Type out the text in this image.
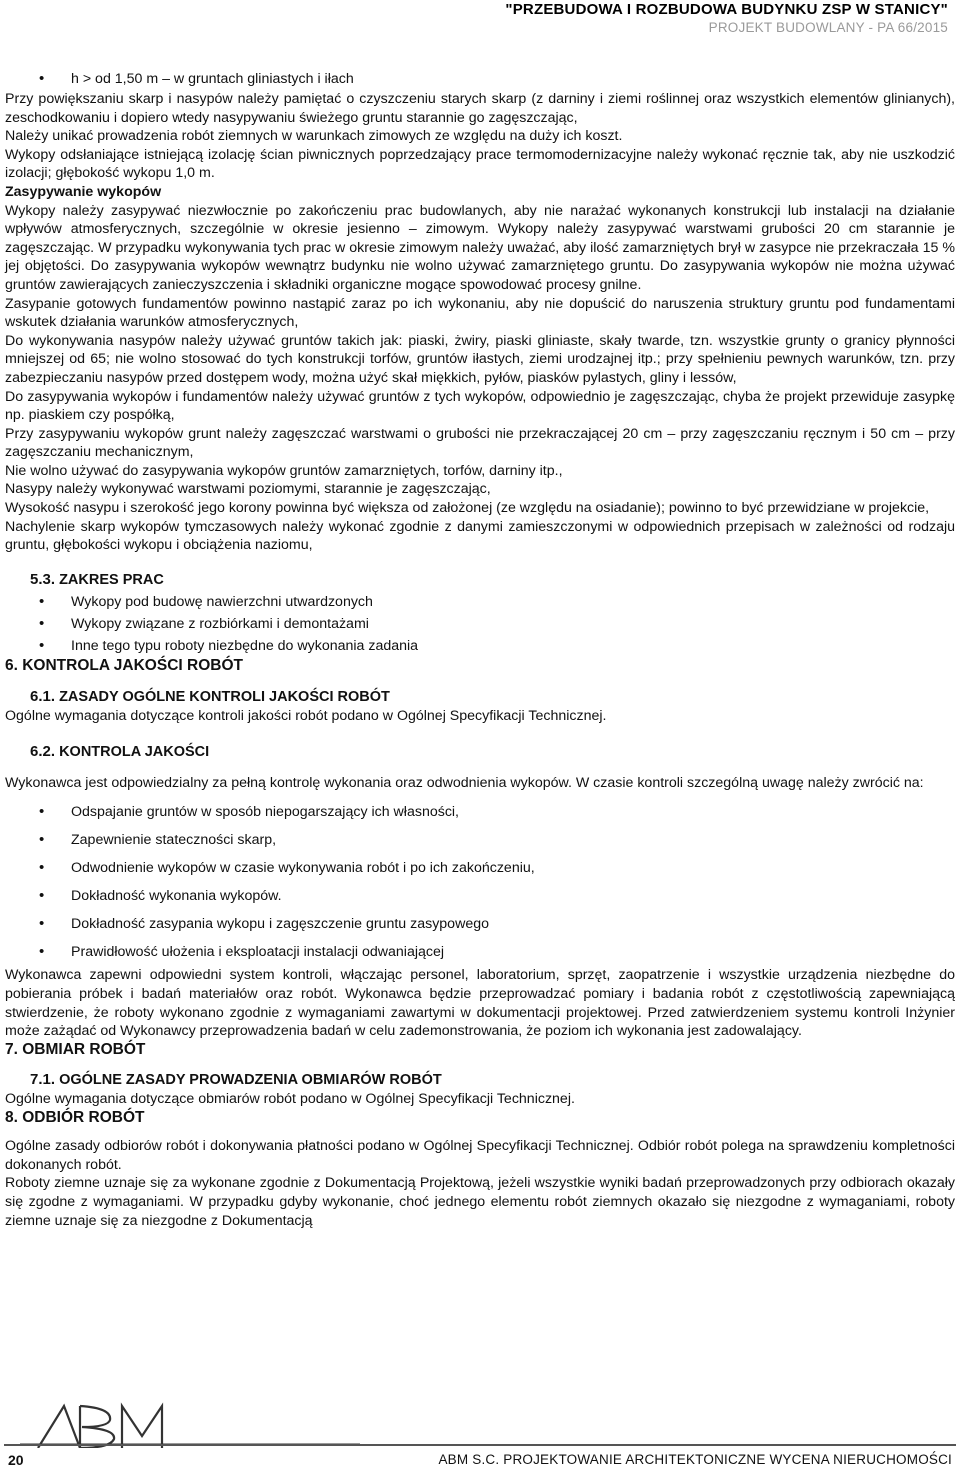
"PRZEBUDOWA I ROZBUDOWA BUDYNKU ZSP W STANICY"
PROJEKT BUDOWLANY - PA 66/2015
• h > od 1,50 m – w gruntach gliniastych i iłach

Przy powiększaniu skarp i nasypów należy pamiętać o czyszczeniu starych skarp (z darniny i ziemi roślinnej oraz wszystkich elementów glinianych), zeschodkowaniu i dopiero wtedy nasypywaniu świeżego gruntu starannie go zagęszczając,

Należy unikać prowadzenia robót ziemnych w warunkach zimowych ze względu na duży ich koszt.

Wykopy odsłaniające istniejącą izolację ścian piwnicznych poprzedzający prace termomodernizacyjne należy wykonać ręcznie tak, aby nie uszkodzić izolacji; głębokość wykopu 1,0 m.

Zasypywanie wykopów

Wykopy należy zasypywać niezwłocznie po zakończeniu prac budowlanych, aby nie narażać wykonanych konstrukcji lub instalacji na działanie wpływów atmosferycznych, szczególnie w okresie jesienno – zimowym. Wykopy należy zasypywać warstwami grubości 20 cm starannie je zagęszczając. W przypadku wykonywania tych prac w okresie zimowym należy uważać, aby ilość zamarzniętych brył w zasypce nie przekraczała 15 % jej objętości. Do zasypywania wykopów wewnątrz budynku nie wolno używać zamarzniętego gruntu. Do zasypywania wykopów nie można używać gruntów zawierających zanieczyszczenia i składniki organiczne mogące spowodować procesy gnilne.

Zasypanie gotowych fundamentów powinno nastąpić zaraz po ich wykonaniu, aby nie dopuścić do naruszenia struktury gruntu pod fundamentami wskutek działania warunków atmosferycznych,

Do wykonywania nasypów należy używać gruntów takich jak: piaski, żwiry, piaski gliniaste, skały twarde, tzn. wszystkie grunty o granicy płynności mniejszej od 65; nie wolno stosować do tych konstrukcji torfów, gruntów iłastych, ziemi urodzajnej itp.; przy spełnieniu pewnych warunków, tzn. przy zabezpieczaniu nasypów przed dostępem wody, można użyć skał miękkich, pyłów, piasków pylastych, gliny i lessów,

Do zasypywania wykopów i fundamentów należy używać gruntów z tych wykopów, odpowiednio je zagęszczając, chyba że projekt przewiduje zasypkę np. piaskiem czy pospółką,

Przy zasypywaniu wykopów grunt należy zagęszczać warstwami o grubości nie przekraczającej 20 cm – przy zagęszczaniu ręcznym i 50 cm – przy zagęszczaniu mechanicznym,

Nie wolno używać do zasypywania wykopów gruntów zamarzniętych, torfów, darniny itp.,

Nasypy należy wykonywać warstwami poziomymi, starannie je zagęszczając,

Wysokość nasypu i szerokość jego korony powinna być większa od założonej (ze względu na osiadanie); powinno to być przewidziane w projekcie,

Nachylenie skarp wykopów tymczasowych należy wykonać zgodnie z danymi zamieszczonymi w odpowiednich przepisach w zależności od rodzaju gruntu, głębokości wykopu i obciążenia naziomu,

5.3. ZAKRES PRAC
• Wykopy pod budowę nawierzchni utwardzonych
• Wykopy związane z rozbiórkami i demontażami
• Inne tego typu roboty niezbędne do wykonania zadania
6. KONTROLA JAKOŚCI ROBÓT
6.1. ZASADY OGÓLNE KONTROLI JAKOŚCI ROBÓT

Ogólne wymagania dotyczące kontroli jakości robót podano w Ogólnej Specyfikacji Technicznej.

6.2. KONTROLA JAKOŚCI

Wykonawca jest odpowiedzialny za pełną kontrolę wykonania oraz odwodnienia wykopów. W czasie kontroli szczególną uwagę należy zwrócić na:

• Odspajanie gruntów w sposób niepogarszający ich własności,
• Zapewnienie stateczności skarp,
• Odwodnienie wykopów w czasie wykonywania robót i po ich zakończeniu,
• Dokładność wykonania wykopów.
• Dokładność zasypania wykopu i zagęszczenie gruntu zasypowego
• Prawidłowość ułożenia i eksploatacji instalacji odwaniającej

Wykonawca zapewni odpowiedni system kontroli, włączając personel, laboratorium, sprzęt, zaopatrzenie i wszystkie urządzenia niezbędne do pobierania próbek i badań materiałów oraz robót. Wykonawca będzie przeprowadzać pomiary i badania robót z częstotliwością zapewniającą stwierdzenie, że roboty wykonano zgodnie z wymaganiami zawartymi w dokumentacji projektowej. Przed zatwierdzeniem systemu kontroli Inżynier może zażądać od Wykonawcy przeprowadzenia badań w celu zademonstrowania, że poziom ich wykonania jest zadowalający.

7. OBMIAR ROBÓT
7.1. OGÓLNE ZASADY PROWADZENIA OBMIARÓW ROBÓT

Ogólne wymagania dotyczące obmiarów robót podano w Ogólnej Specyfikacji Technicznej.

8. ODBIÓR ROBÓT

Ogólne zasady odbiorów robót i dokonywania płatności podano w Ogólnej Specyfikacji Technicznej. Odbiór robót polega na sprawdzeniu kompletności dokonanych robót.

Roboty ziemne uznaje się za wykonane zgodnie z Dokumentacją Projektową, jeżeli wszystkie wyniki badań przeprowadzonych przy odbiorach okazały się zgodne z wymaganiami. W przypadku gdyby wykonanie, choć jednego elementu robót ziemnych okazało się niezgodne z wymaganiami, roboty ziemne uznaje się za niezgodne z Dokumentacją

20	ABM S.C. PROJEKTOWANIE ARCHITEKTONICZNE WYCENA NIERUCHOMOŚCI
